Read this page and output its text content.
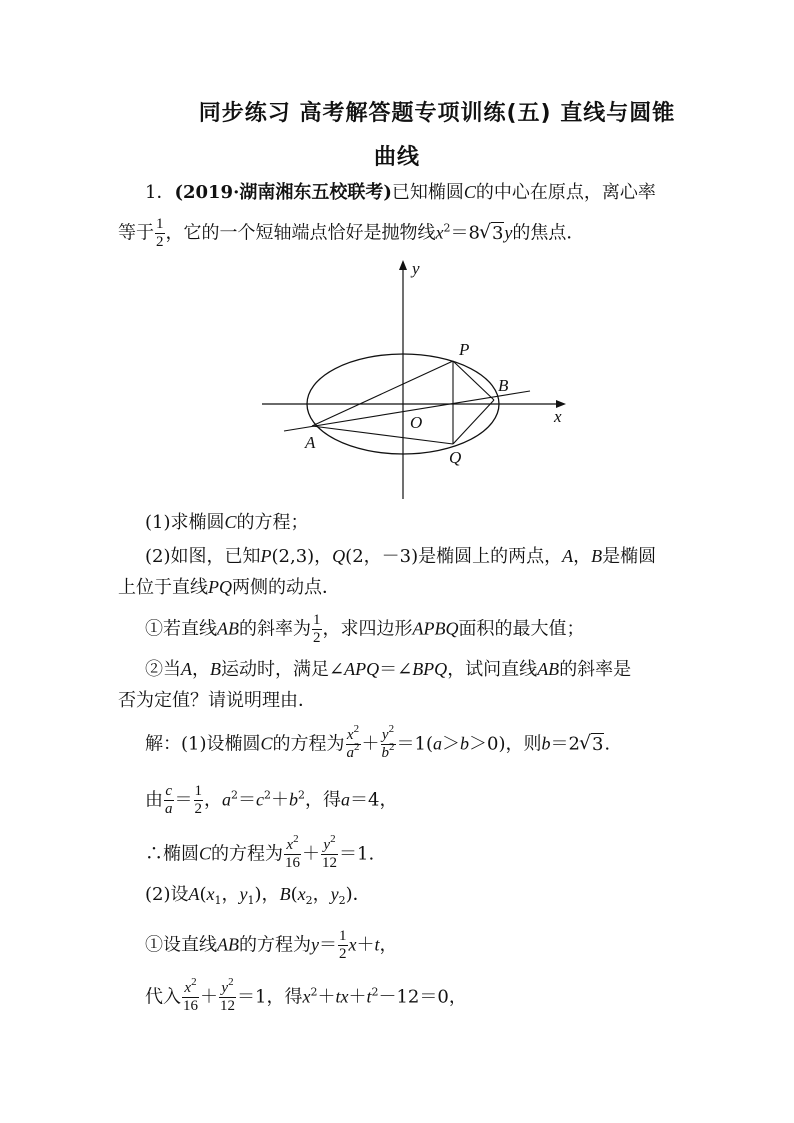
同步练习 高考解答题专项训练(五) 直线与圆锥
曲线
1．(2019·湖南湘东五校联考)已知椭圆C的中心在原点，离心率
等于 $\frac{1}{2}$ ，它的一个短轴端点恰好是抛物线$x^2=8√$ 3y的焦点．
y
x
O
P
B
A
Q
(1)求椭圆C的方程；
(2)如图，已知P(2,3)，Q(2，－3)是椭圆上的两点，A，B是椭圆
上位于直线PQ两侧的动点．
①若直线AB的斜率为 $\frac{1}{2}$ ，求四边形APBQ面积的最大值；
②当A，B运动时，满足∠APQ＝∠BPQ，试问直线AB的斜率是
否为定值？请说明理由．
解：(1)设椭圆C的方程为 $\frac{x^2}{a^2} + \frac{y^2}{b^2} =1(a>b>0)$，则b＝2√ 3.
由 $\frac{c}{a} = \frac{1}{2}$ ，$a^2=c^2+b^2$，得a＝4，
∴椭圆C的方程为 $\frac{x^2}{16} + \frac{y^2}{12} =1$.
(2)设$A(x_1$，$y_1$)，$B(x_2$，$y_2$)．
①设直线AB的方程为$y= \frac{1}{2} x+t$，
代入 $\frac{x^2}{16} + \frac{y^2}{12} =1$，得$x^2+tx+t^2-12=0$，
